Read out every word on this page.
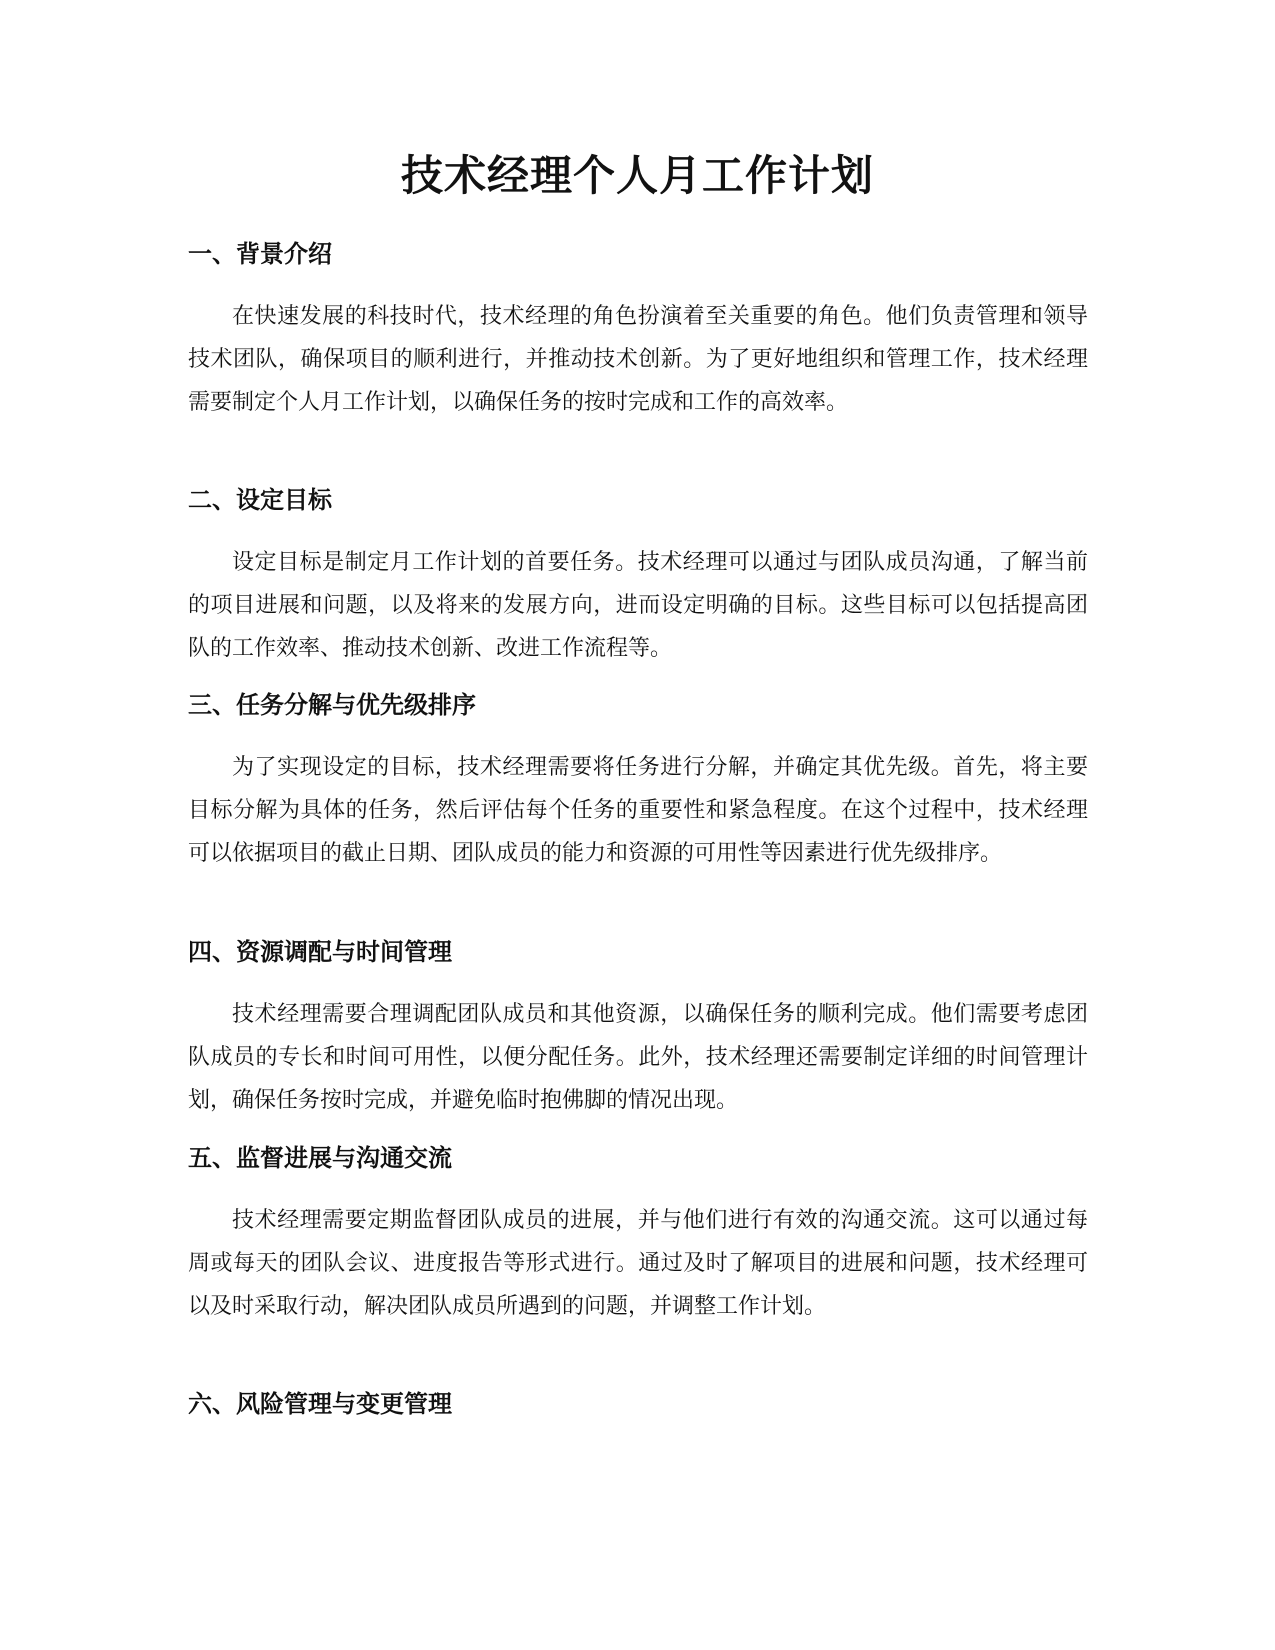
技术经理个人月工作计划
一、背景介绍

在快速发展的科技时代，技术经理的角色扮演着至关重要的角色。他们负责管理和领导技术团队，确保项目的顺利进行，并推动技术创新。为了更好地组织和管理工作，技术经理需要制定个人月工作计划，以确保任务的按时完成和工作的高效率。

二、设定目标

设定目标是制定月工作计划的首要任务。技术经理可以通过与团队成员沟通，了解当前的项目进展和问题，以及将来的发展方向，进而设定明确的目标。这些目标可以包括提高团队的工作效率、推动技术创新、改进工作流程等。

三、任务分解与优先级排序

为了实现设定的目标，技术经理需要将任务进行分解，并确定其优先级。首先，将主要目标分解为具体的任务，然后评估每个任务的重要性和紧急程度。在这个过程中，技术经理可以依据项目的截止日期、团队成员的能力和资源的可用性等因素进行优先级排序。

四、资源调配与时间管理

技术经理需要合理调配团队成员和其他资源，以确保任务的顺利完成。他们需要考虑团队成员的专长和时间可用性，以便分配任务。此外，技术经理还需要制定详细的时间管理计划，确保任务按时完成，并避免临时抱佛脚的情况出现。

五、监督进展与沟通交流

技术经理需要定期监督团队成员的进展，并与他们进行有效的沟通交流。这可以通过每周或每天的团队会议、进度报告等形式进行。通过及时了解项目的进展和问题，技术经理可以及时采取行动，解决团队成员所遇到的问题，并调整工作计划。

六、风险管理与变更管理
